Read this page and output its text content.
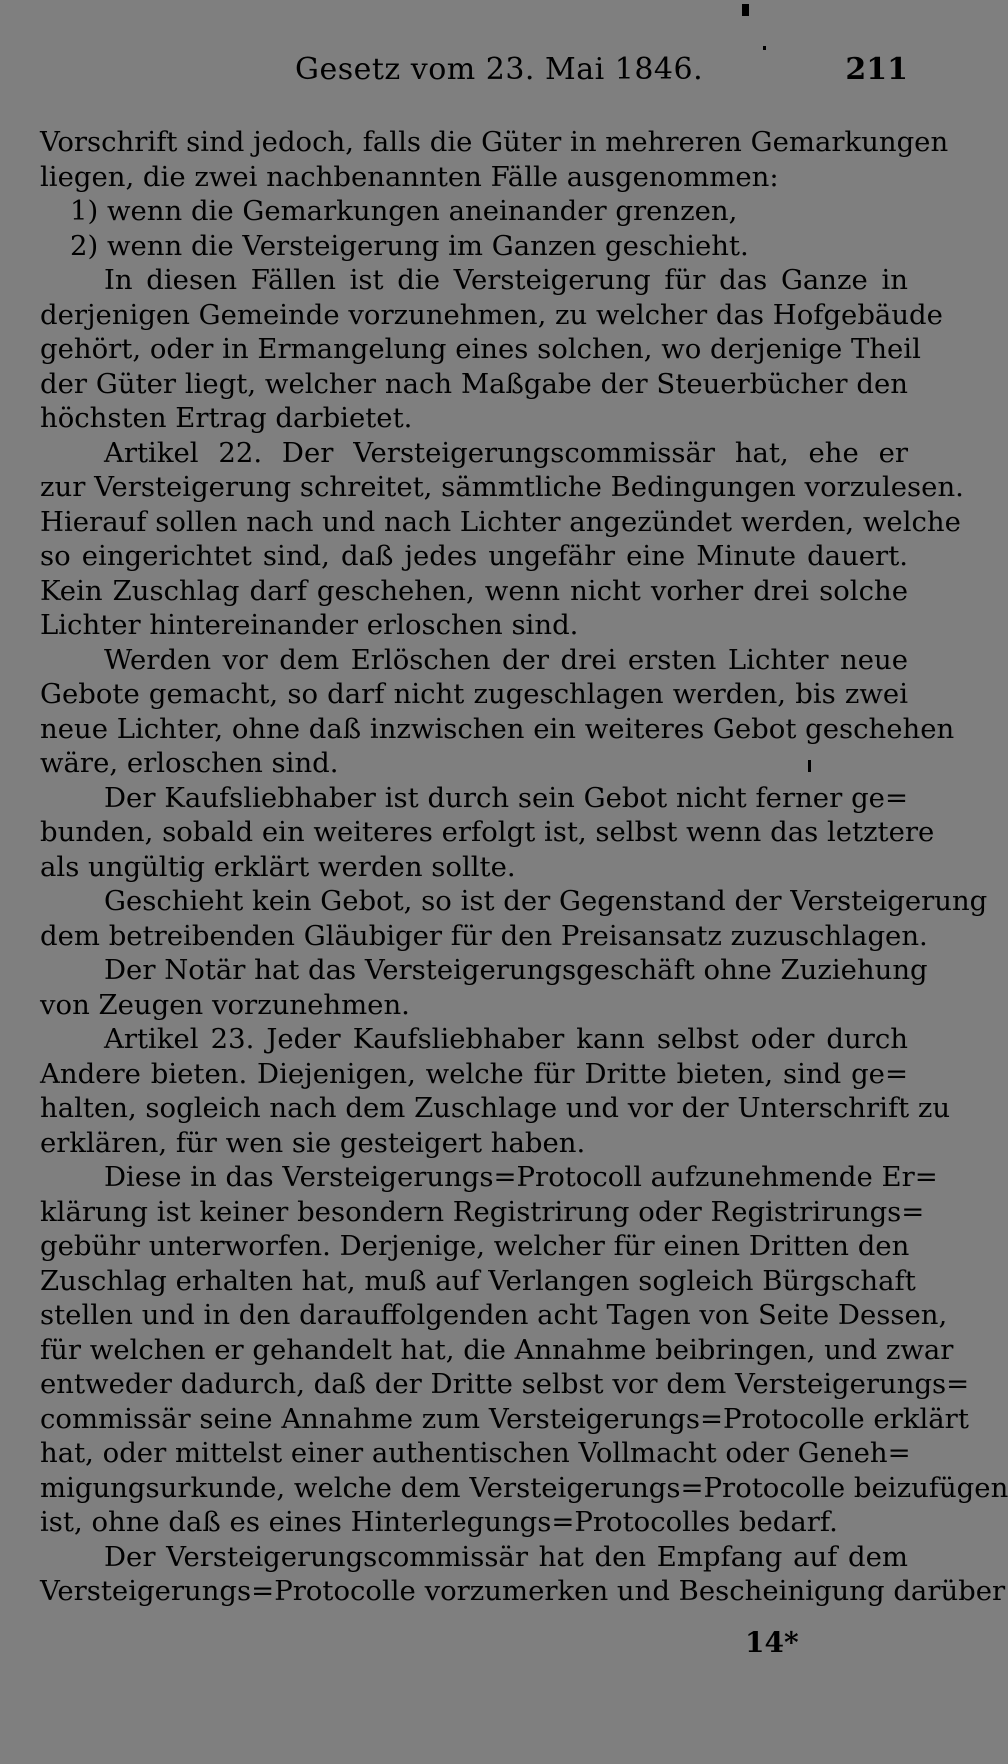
Gesetz vom 23. Mai 1846.	211
Vorschrift sind jedoch, falls die Güter in mehreren Gemarkungen
liegen, die zwei nachbenannten Fälle ausgenommen:
1) wenn die Gemarkungen aneinander grenzen,
2) wenn die Versteigerung im Ganzen geschieht.
In diesen Fällen ist die Versteigerung für das Ganze in
derjenigen Gemeinde vorzunehmen, zu welcher das Hofgebäude
gehört, oder in Ermangelung eines solchen, wo derjenige Theil
der Güter liegt, welcher nach Maßgabe der Steuerbücher den
höchsten Ertrag darbietet.
Artikel 22. Der Versteigerungscommissär hat, ehe er
zur Versteigerung schreitet, sämmtliche Bedingungen vorzulesen.
Hierauf sollen nach und nach Lichter angezündet werden, welche
so eingerichtet sind, daß jedes ungefähr eine Minute dauert.
Kein Zuschlag darf geschehen, wenn nicht vorher drei solche
Lichter hintereinander erloschen sind.
Werden vor dem Erlöschen der drei ersten Lichter neue
Gebote gemacht, so darf nicht zugeschlagen werden, bis zwei
neue Lichter, ohne daß inzwischen ein weiteres Gebot geschehen
wäre, erloschen sind.
Der Kaufsliebhaber ist durch sein Gebot nicht ferner ge=
bunden, sobald ein weiteres erfolgt ist, selbst wenn das letztere
als ungültig erklärt werden sollte.
Geschieht kein Gebot, so ist der Gegenstand der Versteigerung
dem betreibenden Gläubiger für den Preisansatz zuzuschlagen.
Der Notär hat das Versteigerungsgeschäft ohne Zuziehung
von Zeugen vorzunehmen.
Artikel 23. Jeder Kaufsliebhaber kann selbst oder durch
Andere bieten. Diejenigen, welche für Dritte bieten, sind ge=
halten, sogleich nach dem Zuschlage und vor der Unterschrift zu
erklären, für wen sie gesteigert haben.
Diese in das Versteigerungs=Protocoll aufzunehmende Er=
klärung ist keiner besondern Registrirung oder Registrirungs=
gebühr unterworfen. Derjenige, welcher für einen Dritten den
Zuschlag erhalten hat, muß auf Verlangen sogleich Bürgschaft
stellen und in den darauffolgenden acht Tagen von Seite Dessen,
für welchen er gehandelt hat, die Annahme beibringen, und zwar
entweder dadurch, daß der Dritte selbst vor dem Versteigerungs=
commissär seine Annahme zum Versteigerungs=Protocolle erklärt
hat, oder mittelst einer authentischen Vollmacht oder Geneh=
migungsurkunde, welche dem Versteigerungs=Protocolle beizufügen
ist, ohne daß es eines Hinterlegungs=Protocolles bedarf.
Der Versteigerungscommissär hat den Empfang auf dem
Versteigerungs=Protocolle vorzumerken und Bescheinigung darüber
14*
